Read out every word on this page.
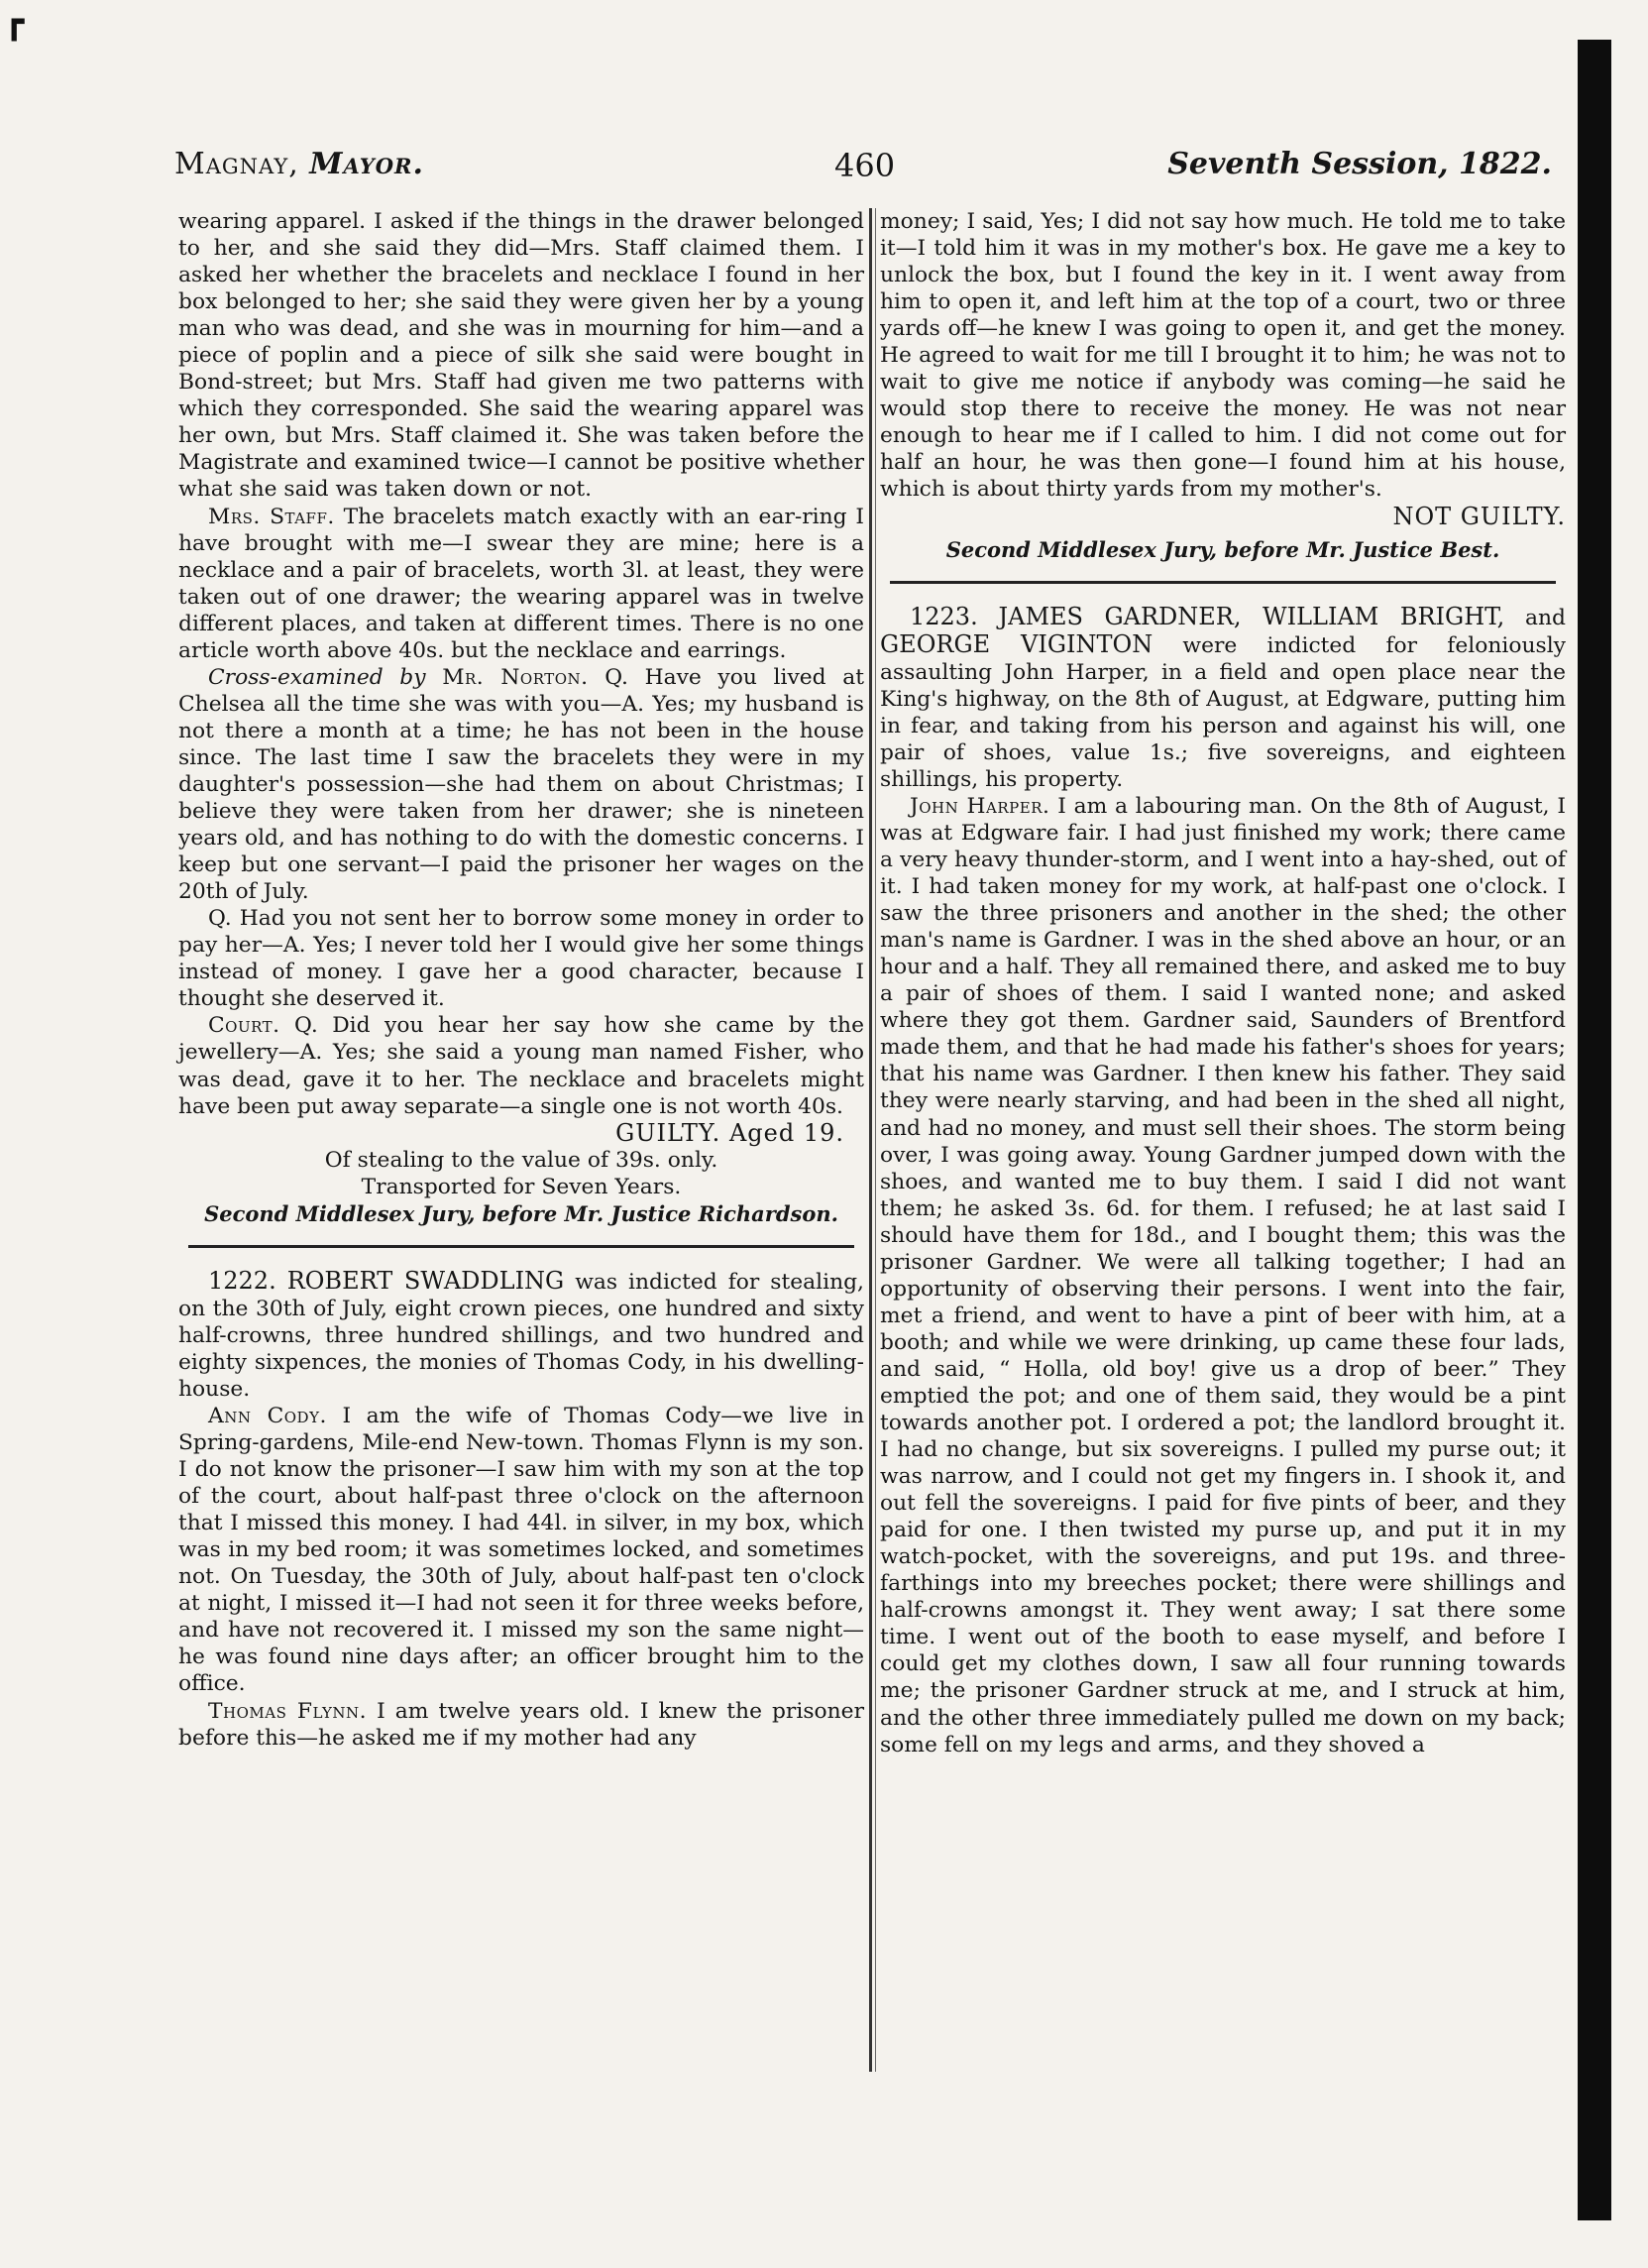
┏
Magnay, Mayor.	460	Seventh Session, 1822.

wearing apparel. I asked if the things in the drawer belonged to her, and she said they did—Mrs. Staff claimed them. I asked her whether the bracelets and necklace I found in her box belonged to her; she said they were given her by a young man who was dead, and she was in mourning for him—and a piece of poplin and a piece of silk she said were bought in Bond-street; but Mrs. Staff had given me two patterns with which they corresponded. She said the wearing apparel was her own, but Mrs. Staff claimed it. She was taken before the Magistrate and examined twice—I cannot be positive whether what she said was taken down or not.

Mrs. Staff. The bracelets match exactly with an ear-ring I have brought with me—I swear they are mine; here is a necklace and a pair of bracelets, worth 3l. at least, they were taken out of one drawer; the wearing apparel was in twelve different places, and taken at different times. There is no one article worth above 40s. but the necklace and earrings.

Cross-examined by Mr. Norton. Q. Have you lived at Chelsea all the time she was with you—A. Yes; my husband is not there a month at a time; he has not been in the house since. The last time I saw the bracelets they were in my daughter's possession—she had them on about Christmas; I believe they were taken from her drawer; she is nineteen years old, and has nothing to do with the domestic concerns. I keep but one servant—I paid the prisoner her wages on the 20th of July.

Q. Had you not sent her to borrow some money in order to pay her—A. Yes; I never told her I would give her some things instead of money. I gave her a good character, because I thought she deserved it.

Court. Q. Did you hear her say how she came by the jewellery—A. Yes; she said a young man named Fisher, who was dead, gave it to her. The necklace and bracelets might have been put away separate—a single one is not worth 40s.

GUILTY. Aged 19.

Of stealing to the value of 39s. only.

Transported for Seven Years.

Second Middlesex Jury, before Mr. Justice Richardson.

1222. ROBERT SWADDLING was indicted for stealing, on the 30th of July, eight crown pieces, one hundred and sixty half-crowns, three hundred shillings, and two hundred and eighty sixpences, the monies of Thomas Cody, in his dwelling-house.

Ann Cody. I am the wife of Thomas Cody—we live in Spring-gardens, Mile-end New-town. Thomas Flynn is my son. I do not know the prisoner—I saw him with my son at the top of the court, about half-past three o'clock on the afternoon that I missed this money. I had 44l. in silver, in my box, which was in my bed room; it was sometimes locked, and sometimes not. On Tuesday, the 30th of July, about half-past ten o'clock at night, I missed it—I had not seen it for three weeks before, and have not recovered it. I missed my son the same night—he was found nine days after; an officer brought him to the office.

Thomas Flynn. I am twelve years old. I knew the prisoner before this—he asked me if my mother had any

money; I said, Yes; I did not say how much. He told me to take it—I told him it was in my mother's box. He gave me a key to unlock the box, but I found the key in it. I went away from him to open it, and left him at the top of a court, two or three yards off—he knew I was going to open it, and get the money. He agreed to wait for me till I brought it to him; he was not to wait to give me notice if anybody was coming—he said he would stop there to receive the money. He was not near enough to hear me if I called to him. I did not come out for half an hour, he was then gone—I found him at his house, which is about thirty yards from my mother's.

NOT GUILTY.

Second Middlesex Jury, before Mr. Justice Best.

1223. JAMES GARDNER, WILLIAM BRIGHT, and GEORGE VIGINTON were indicted for feloniously assaulting John Harper, in a field and open place near the King's highway, on the 8th of August, at Edgware, putting him in fear, and taking from his person and against his will, one pair of shoes, value 1s.; five sovereigns, and eighteen shillings, his property.

John Harper. I am a labouring man. On the 8th of August, I was at Edgware fair. I had just finished my work; there came a very heavy thunder-storm, and I went into a hay-shed, out of it. I had taken money for my work, at half-past one o'clock. I saw the three prisoners and another in the shed; the other man's name is Gardner. I was in the shed above an hour, or an hour and a half. They all remained there, and asked me to buy a pair of shoes of them. I said I wanted none; and asked where they got them. Gardner said, Saunders of Brentford made them, and that he had made his father's shoes for years; that his name was Gardner. I then knew his father. They said they were nearly starving, and had been in the shed all night, and had no money, and must sell their shoes. The storm being over, I was going away. Young Gardner jumped down with the shoes, and wanted me to buy them. I said I did not want them; he asked 3s. 6d. for them. I refused; he at last said I should have them for 18d., and I bought them; this was the prisoner Gardner. We were all talking together; I had an opportunity of observing their persons. I went into the fair, met a friend, and went to have a pint of beer with him, at a booth; and while we were drinking, up came these four lads, and said, “ Holla, old boy! give us a drop of beer.” They emptied the pot; and one of them said, they would be a pint towards another pot. I ordered a pot; the landlord brought it. I had no change, but six sovereigns. I pulled my purse out; it was narrow, and I could not get my fingers in. I shook it, and out fell the sovereigns. I paid for five pints of beer, and they paid for one. I then twisted my purse up, and put it in my watch-pocket, with the sovereigns, and put 19s. and three-farthings into my breeches pocket; there were shillings and half-crowns amongst it. They went away; I sat there some time. I went out of the booth to ease myself, and before I could get my clothes down, I saw all four running towards me; the prisoner Gardner struck at me, and I struck at him, and the other three immediately pulled me down on my back; some fell on my legs and arms, and they shoved a
